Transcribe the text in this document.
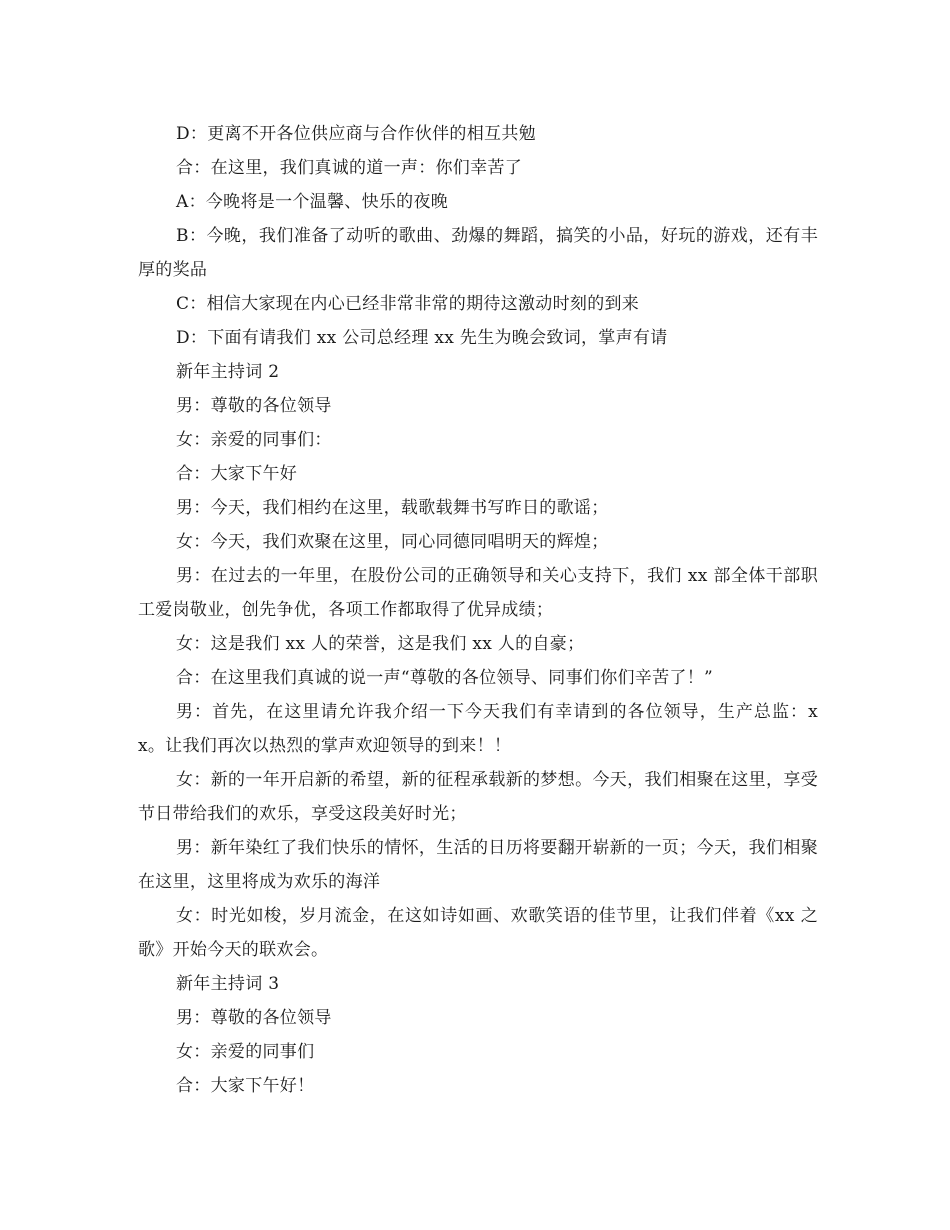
D：更离不开各位供应商与合作伙伴的相互共勉

合：在这里，我们真诚的道一声：你们幸苦了

A：今晚将是一个温馨、快乐的夜晚

B：今晚，我们准备了动听的歌曲、劲爆的舞蹈，搞笑的小品，好玩的游戏，还有丰厚的奖品

C：相信大家现在内心已经非常非常的期待这激动时刻的到来

D：下面有请我们 xx 公司总经理 xx 先生为晚会致词，掌声有请

新年主持词 2

男：尊敬的各位领导

女：亲爱的同事们：

合：大家下午好

男：今天，我们相约在这里，载歌载舞书写昨日的歌谣；

女：今天，我们欢聚在这里，同心同德同唱明天的辉煌；

男：在过去的一年里，在股份公司的正确领导和关心支持下，我们 xx 部全体干部职工爱岗敬业，创先争优，各项工作都取得了优异成绩；

女：这是我们 xx 人的荣誉，这是我们 xx 人的自豪；

合：在这里我们真诚的说一声“尊敬的各位领导、同事们你们辛苦了！”

男：首先，在这里请允许我介绍一下今天我们有幸请到的各位领导，生产总监：xx。让我们再次以热烈的掌声欢迎领导的到来！！

女：新的一年开启新的希望，新的征程承载新的梦想。今天，我们相聚在这里，享受节日带给我们的欢乐，享受这段美好时光；

男：新年染红了我们快乐的情怀，生活的日历将要翻开崭新的一页；今天，我们相聚在这里，这里将成为欢乐的海洋

女：时光如梭，岁月流金，在这如诗如画、欢歌笑语的佳节里，让我们伴着《xx 之歌》开始今天的联欢会。

新年主持词 3

男：尊敬的各位领导

女：亲爱的同事们

合：大家下午好！
